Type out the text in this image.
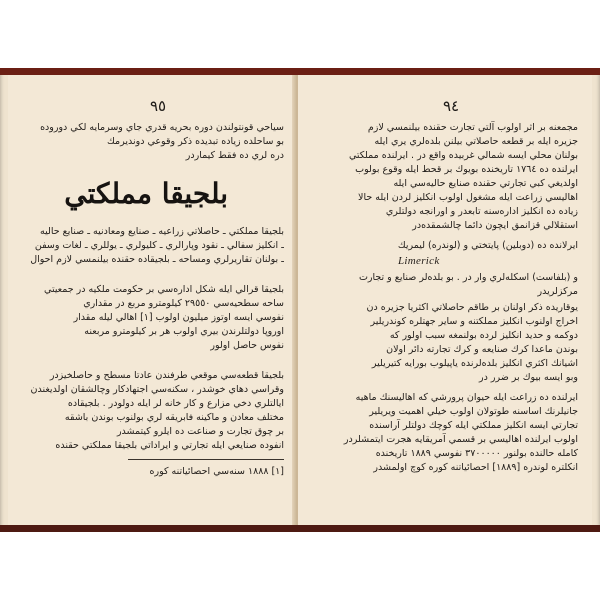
٩٥
سياحي قونتولندن دوره بحريه قدري جاي وسرمايه لكي دوروده
بو ساحلده زياده تبديده ذكر وقوعي دونديرمك
دره لري ده فقط كيماردر
بلجيقا مملكتي
بلجيقا مملكتي ـ حاصلاتي زراعيه ـ صنايع ومعادنيه ـ صنايع حاليه
ـ انكليز سفالي ـ نقود وپارالري ـ كليولري ـ يوللري ـ لغات وسفن
ـ بولنان تقاريرلري ومساحه ـ بلجيقاده حقنده بيلنمسي لازم احوال
بلجيقا قرالي ايله شكل اداره‌سي بر حكومت ملكيه در جمعيتي
ساحه سطحيه‌سي ٢٩٥٥٠ كيلومترو مربع در مقداري
نفوسي ايسه اوتوز ميليون اولوب [١] اهالي ليله مقدار
اوروپا دولتلرندن بيري اولوب هر بر كيلومترو مربعنه
نفوس حاصل اولور
بلجيقا قطعه‌سي موقعي طرفندن عادتا مسطح و حاصلخيزدر
وقراسي دهاي خوشدر ، سكنه‌سي اجتهادكار وچالشقان اولديغندن
ايالتلري دخي مزارع و كار خانه لر ايله دولودر . بلجيقاده
مختلف معادن و ماكينه فابريقه لري بولنوب بوندن باشقه
بر چوق تجارت و صناعت ده ايلرو كيتمشدر
انفوده صنايعي ايله تجارتي و ايراداتي بلجيقا مملكتي حقنده
[١] ١٨٨٨ سنه‌سي احصائياتنه كوره
٩٤
مجمعنه بر اثر اولوب آلتي تجارت حقنده بيلنمسي لازم
جزيره ايله بر قطعه حاصلاتي بيلنن بلده‌لري يري ايله
بولنان محلي ايسه شمالي غربيده واقع در . ايرلنده مملكتي
ايرلنده ده ١٧٦٤ تاريخنده بويوك بر قحط ايله وقوع بولوب
اولديغي كبي تجارتي حقنده صنايع حاليه‌سي ايله
اهاليسي زراعت ايله مشغول اولوب انكليز لردن ايله حالا
زياده ده انكليز اداره‌سنه تابعدر و اورانجه دولتلري
استقلالي قزانمق ايچون دائما چالشمقده‌در
ايرلانده ده (دوبلين) پايتختي و (لوندره) ليمريك
Limerick
و (بلفاست) اسكله‌لري وار در . بو بلده‌لر صنايع و تجارت
مركزلريدر
يوقاريده ذكر اولنان بر طاقم حاصلاتي اكثريا جزيره دن
اخراج اولنوب انكليز مملكتنه و ساير جهتلره كوندريلير
دوكمه و حديد انكليز لرده بولنمغه سبب اولور كه
بوندن ماعدا كرك صنايعه و كرك تجارته دائر اولان
اشيانك اكثري انكليز بلده‌لرنده ياپيلوب بورايه كتيريلير
وبو ايسه بيوك بر ضرر در
ايرلنده ده زراعت ايله حيوان پرورشي كه اهاليسنك ماهيه
جانيلرنك اساسنه طوتولان اولوب خيلي اهميت ويريلير
تجارتي ايسه انكليز مملكتي ايله كوچك دولتلر آراسنده
اولوب ايرلنده اهاليسي بر قسمي آمريقايه هجرت ايتمشلردر
كامله حالنده بولنور ٣٧٠٠٠٠٠ نفوسي ١٨٨٩ تاريخنده
انكلتره لوندره [١٨٨٩] احصائياتنه كوره كوچ اولمشدر
